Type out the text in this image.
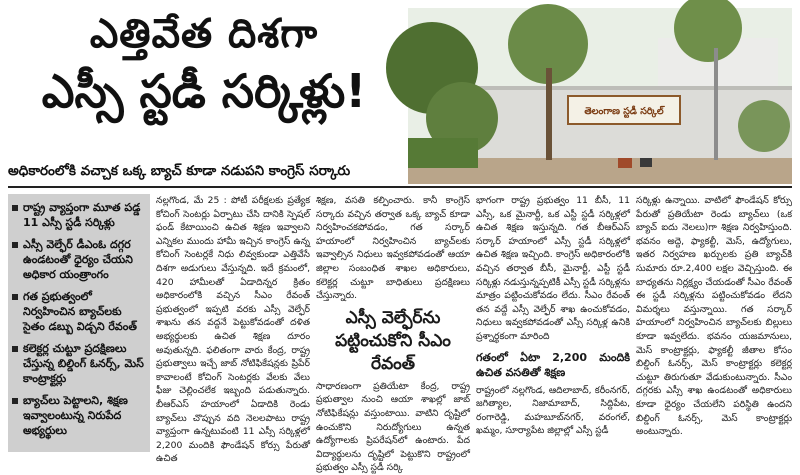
ఎత్తివేత దిశగా
ఎస్సీ స్టడీ సర్కిళ్లు!	తెలంగాణ స్టడీ సర్కిల్
అధికారంలోకి వచ్చాక ఒక్క బ్యాచ్ కూడా నడుపని కాంగ్రెస్ సర్కారు
రాష్ట్ర వ్యాప్తంగా మూత పడ్డ 11 ఎస్సీ స్టడీ సర్కిళ్లు
ఎస్సీ వెల్ఫేర్ డీఎంఓ దగ్గర ఉండటంతో ధైర్యం చేయని అధికార యంత్రాంగం
గత ప్రభుత్వంలో నిర్వహించిన బ్యాచ్‌లకు సైతం డబ్బు విడ్చని రేవంత్
కలెక్టర్ల చుట్టూ ప్రదక్షిణలు చేస్తున్న బిల్డింగ్ ఓనర్స్, మెస్ కాంట్రాక్టర్లు
బ్యాచ్‌లు పెట్టాలని, శిక్షణ ఇవ్వాలంటున్న నిరుపేద అభ్యర్థులు

నల్లగొండ, మే 25 : పోటీ పరీక్షలకు ప్రత్యేక కోచింగ్ సెంటర్లు ఏర్పాటు చేసి దానికి స్పెషల్ ఫండ్ కేటాయించి ఉచిత శిక్షణ ఇవ్వాలని ఎన్నికల ముందు హామీ ఇచ్చిన కాంగ్రెస్ ఉన్న కోచింగ్ సెంటర్లకే నిధు లివ్వకుండా ఎత్తివేసే దిశగా అడుగులు వేస్తున్నది. ఇదే క్రమంలో, 420 హామీలతో ఏడాదిన్నర క్రితం అధికారంలోకి వచ్చిన సీఎం రేవంత్ ప్రభుత్వంలో ఇప్పటి వరకు ఎస్సీ వెల్ఫేర్ శాఖను తన వద్దనే పెట్టుకోవడంతో దళిత అభ్యర్థులకు ఉచిత శిక్షణ దూరం అవుతున్నది. ఫలితంగా వారు కేంద్ర, రాష్ట్ర ప్రభుత్వాలు ఇచ్చే జాబ్ నోటిఫికేషన్లకు ప్రిపేర్ కావాలంటే కోచింగ్ సెంటర్లకు వేలకు వేలు ఫీజు చెల్లించలేక ఇబ్బంది పడుతున్నారు. బీఆర్ఎస్ హయాంలో ఏడాదికి రెండు బ్యాచ్‌లు చొప్పున వది నెలలపాటు రాష్ట్ర వ్యాప్తంగా ఉన్నటువంటి 11 ఎస్సీ సర్కిళ్లలో 2,200 మందికి ఫౌండేషన్ కోర్సు పేరుతో ఉచిత

శిక్షణ, వసతి కల్పించారు. కానీ కాంగ్రెస్ సర్కారు వచ్చిన తర్వాత ఒక్క బ్యాచ్ కూడా నిర్వహించకపోవడం, గత సర్కార్ హయాంలో నిర్వహించిన బ్యాచ్‌లకు ఇవ్వాల్సిన నిధులు ఇవ్వకపోవడంతో ఆయా జిల్లాల సంబంధిత శాఖల అధికారులు, కలెక్టర్ల చుట్టూ బాధితులు ప్రదక్షిణలు చేస్తున్నారు.

ఎస్సీ వెల్ఫేర్‌ను పట్టించుకోని సీఎం రేవంత్

సాధారణంగా ప్రతియేటా కేంద్ర, రాష్ట్ర ప్రభుత్వాల నుంచి ఆయా శాఖల్లో జాబ్ నోటిఫికేషన్లు వస్తుంటాయి. వాటిని దృష్టిలో ఉంచుకొని నిరుద్యోగులు ఉన్నత ఉద్యోగాలకు ప్రిపరేషన్‌లో ఉంటారు. పేద విద్యార్థులను దృష్టిలో పెట్టుకొని రాష్ట్రంలో ప్రభుత్వం ఎస్సీ స్టడీ సర్కి

భాగంగా రాష్ట్ర ప్రభుత్వం 11 బీసీ, 11 ఎస్సీ, ఒక మైనార్టీ, ఒక ఎస్టీ స్టడీ సర్కిళ్లలో ఉచిత శిక్షణ ఇస్తున్నది. గత బీఆర్ఎస్ సర్కార్ హయాంలో ఎస్సీ స్టడీ సర్కిళ్లలో ఉచిత శిక్షణ ఇచ్చింది. కాంగ్రెస్ అధికారంలోకి వచ్చిన తర్వాత బీసీ, మైనార్టీ, ఎస్టీ స్టడీ సర్కిళ్లు నడుస్తున్నప్పటికీ ఎస్సీ స్టడీ సర్కిళ్లను మాత్రం పట్టించుకోవడం లేదు. సీఎం రేవంత్ తన వద్దే ఎస్సీ వెల్ఫేర్ శాఖ ఉంచుకోవడం, నిధులు ఇవ్వకపోవడంతో ఎస్సీ సర్కిళ్ల ఉనికి ప్రశ్నార్థకంగా మారింది

గతంలో ఏటా 2,200 మందికి ఉచిత వసతితో శిక్షణ

రాష్ట్రంలో నల్లగొండ, ఆదిలాబాద్, కరీంనగర్, జగిత్యాల, నిజామాబాద్, సిద్దిపేట, రంగారెడ్డి, మహబూబ్‌నగర్, వరంగల్, ఖమ్మం, సూర్యాపేట జిల్లాల్లో ఎస్సీ స్టడీ

సర్కిళ్లు ఉన్నాయి. వాటిలో ఫౌండేషన్ కోర్సు పేరుతో ప్రతియేటా రెండు బ్యాచ్‌లు (ఒక బ్యాచ్ ఐదు నెలలు)గా శిక్షణ నిర్వహిస్తుంది. భవనం అద్దె, ఫ్యాకల్టీ, మెస్, ఉద్యోగులు, ఇతర నిర్వహణ ఖర్చులకు ప్రతి బ్యాచ్‌కి సుమారు రూ.2,400 లక్షల వెచ్చిస్తుంది. ఈ బాధ్యతను నిర్లక్ష్యం చేయడంతో సీఎం రేవంత్ ఈ స్టడీ సర్కిళ్లను పట్టించుకోవడం లేదని విమర్శలు వస్తున్నాయి. గత సర్కార్ హయాంలో నిర్వహించిన బ్యాచ్‌లకు బిల్లులు కూడా ఇవ్వలేదు. భవనం యజమానులు, మెస్ కాంట్రాక్టర్లు, ఫ్యాకల్టీ జీతాల కోసం బిల్డింగ్ ఓనర్స్, మెస్ కాంట్రాక్టర్లు కలెక్టర్ల చుట్టూ తిరుగుతూ వేడుకుంటున్నారు. సీఎం దగ్గరకు ఎస్సీ శాఖ ఉండటంతో అధికారులు కూడా ధైర్యం చేయలేని పరిస్థితి ఉందని బిల్డింగ్ ఓనర్స్, మెస్ కాంట్రాక్టర్లు అంటున్నారు.
